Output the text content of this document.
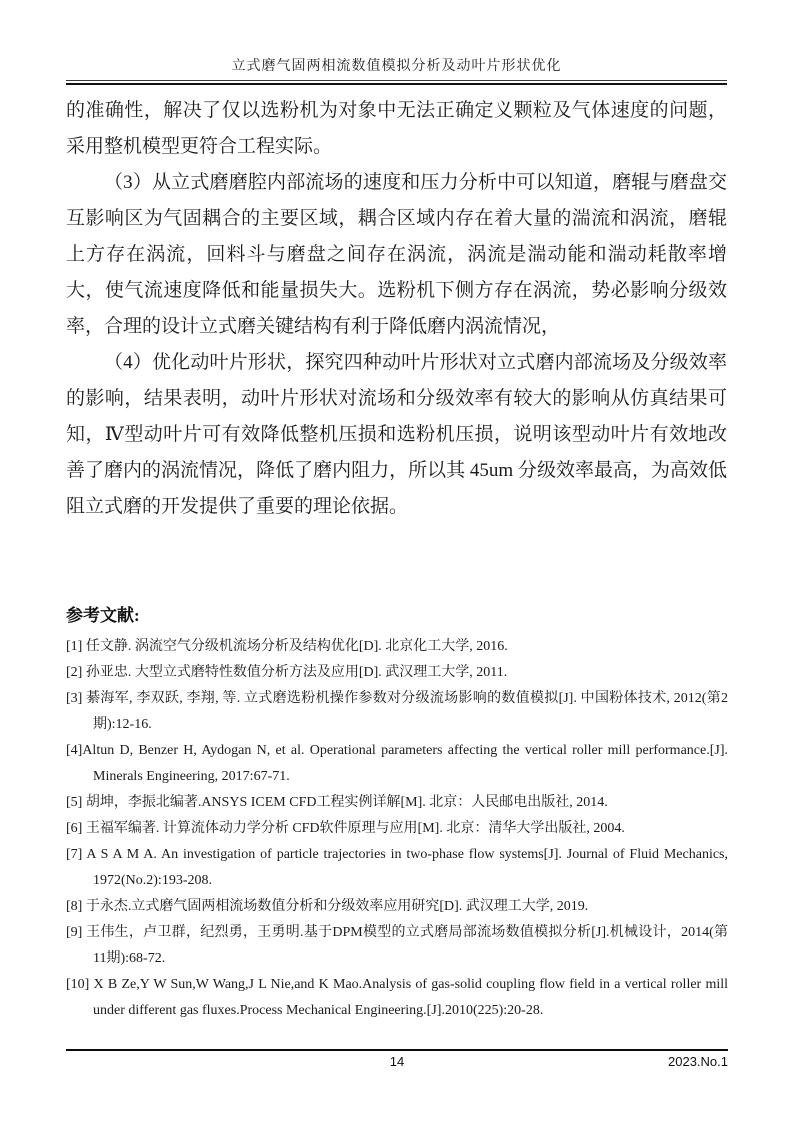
立式磨气固两相流数值模拟分析及动叶片形状优化

的准确性，解决了仅以选粉机为对象中无法正确定义颗粒及气体速度的问题，采用整机模型更符合工程实际。

（3）从立式磨磨腔内部流场的速度和压力分析中可以知道，磨辊与磨盘交互影响区为气固耦合的主要区域，耦合区域内存在着大量的湍流和涡流，磨辊上方存在涡流，回料斗与磨盘之间存在涡流，涡流是湍动能和湍动耗散率增大，使气流速度降低和能量损失大。选粉机下侧方存在涡流，势必影响分级效率，合理的设计立式磨关键结构有利于降低磨内涡流情况，

（4）优化动叶片形状，探究四种动叶片形状对立式磨内部流场及分级效率的影响，结果表明，动叶片形状对流场和分级效率有较大的影响从仿真结果可知，Ⅳ型动叶片可有效降低整机压损和选粉机压损，说明该型动叶片有效地改善了磨内的涡流情况，降低了磨内阻力，所以其 45um 分级效率最高，为高效低阻立式磨的开发提供了重要的理论依据。

参考文献:
[1] 任文静. 涡流空气分级机流场分析及结构优化[D]. 北京化工大学, 2016.
[2] 孙亚忠. 大型立式磨特性数值分析方法及应用[D]. 武汉理工大学, 2011.
[3] 綦海军, 李双跃, 李翔, 等. 立式磨选粉机操作参数对分级流场影响的数值模拟[J]. 中国粉体技术, 2012(第2期):12-16.
[4]Altun D, Benzer H, Aydogan N, et al. Operational parameters affecting the vertical roller mill performance.[J]. Minerals Engineering, 2017:67-71.
[5] 胡坤，李振北编著.ANSYS ICEM CFD工程实例详解[M]. 北京：人民邮电出版社, 2014.
[6] 王福军编著. 计算流体动力学分析 CFD软件原理与应用[M]. 北京：清华大学出版社, 2004.
[7] A S A M A. An investigation of particle trajectories in two-phase flow systems[J]. Journal of Fluid Mechanics, 1972(No.2):193-208.
[8] 于永杰.立式磨气固两相流场数值分析和分级效率应用研究[D]. 武汉理工大学, 2019.
[9] 王伟生，卢卫群，纪烈勇，王勇明.基于DPM模型的立式磨局部流场数值模拟分析[J].机械设计，2014(第11期):68-72.
[10] X B Ze,Y W Sun,W Wang,J L Nie,and K Mao.Analysis of gas-solid coupling flow field in a vertical roller mill under different gas fluxes.Process Mechanical Engineering.[J].2010(225):20-28.
14	2023.No.1
